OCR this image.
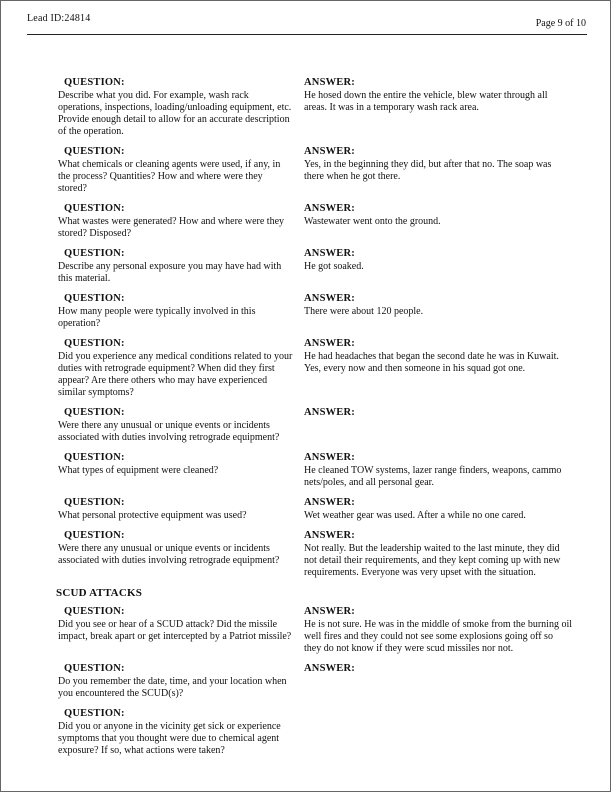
Lead ID:24814	Page 9 of 10
QUESTION:
Describe what you did. For example, wash rack operations, inspections, loading/unloading equipment, etc. Provide enough detail to allow for an accurate description of the operation.
ANSWER:
He hosed down the entire the vehicle, blew water through all areas. It was in a temporary wash rack area.
QUESTION:
What chemicals or cleaning agents were used, if any, in the process? Quantities? How and where were they stored?
ANSWER:
Yes, in the beginning they did, but after that no. The soap was there when he got there.
QUESTION:
What wastes were generated? How and where were they stored? Disposed?
ANSWER:
Wastewater went onto the ground.
QUESTION:
Describe any personal exposure you may have had with this material.
ANSWER:
He got soaked.
QUESTION:
How many people were typically involved in this operation?
ANSWER:
There were about 120 people.
QUESTION:
Did you experience any medical conditions related to your duties with retrograde equipment? When did they first appear? Are there others who may have experienced similar symptoms?
ANSWER:
He had headaches that began the second date he was in Kuwait. Yes, every now and then someone in his squad got one.
QUESTION:
Were there any unusual or unique events or incidents associated with duties involving retrograde equipment?
ANSWER:
QUESTION:
What types of equipment were cleaned?
ANSWER:
He cleaned TOW systems, lazer range finders, weapons, cammo nets/poles, and all personal gear.
QUESTION:
What personal protective equipment was used?
ANSWER:
Wet weather gear was used. After a while no one cared.
QUESTION:
Were there any unusual or unique events or incidents associated with duties involving retrograde equipment?
ANSWER:
Not really. But the leadership waited to the last minute, they did not detail their requirements, and they kept coming up with new requirements. Everyone was very upset with the situation.
SCUD ATTACKS
QUESTION:
Did you see or hear of a SCUD attack? Did the missile impact, break apart or get intercepted by a Patriot missile?
ANSWER:
He is not sure. He was in the middle of smoke from the burning oil well fires and they could not see some explosions going off so they do not know if they were scud missiles nor not.
QUESTION:
Do you remember the date, time, and your location when you encountered the SCUD(s)?
ANSWER:
QUESTION:
Did you or anyone in the vicinity get sick or experience symptoms that you thought were due to chemical agent exposure? If so, what actions were taken?
